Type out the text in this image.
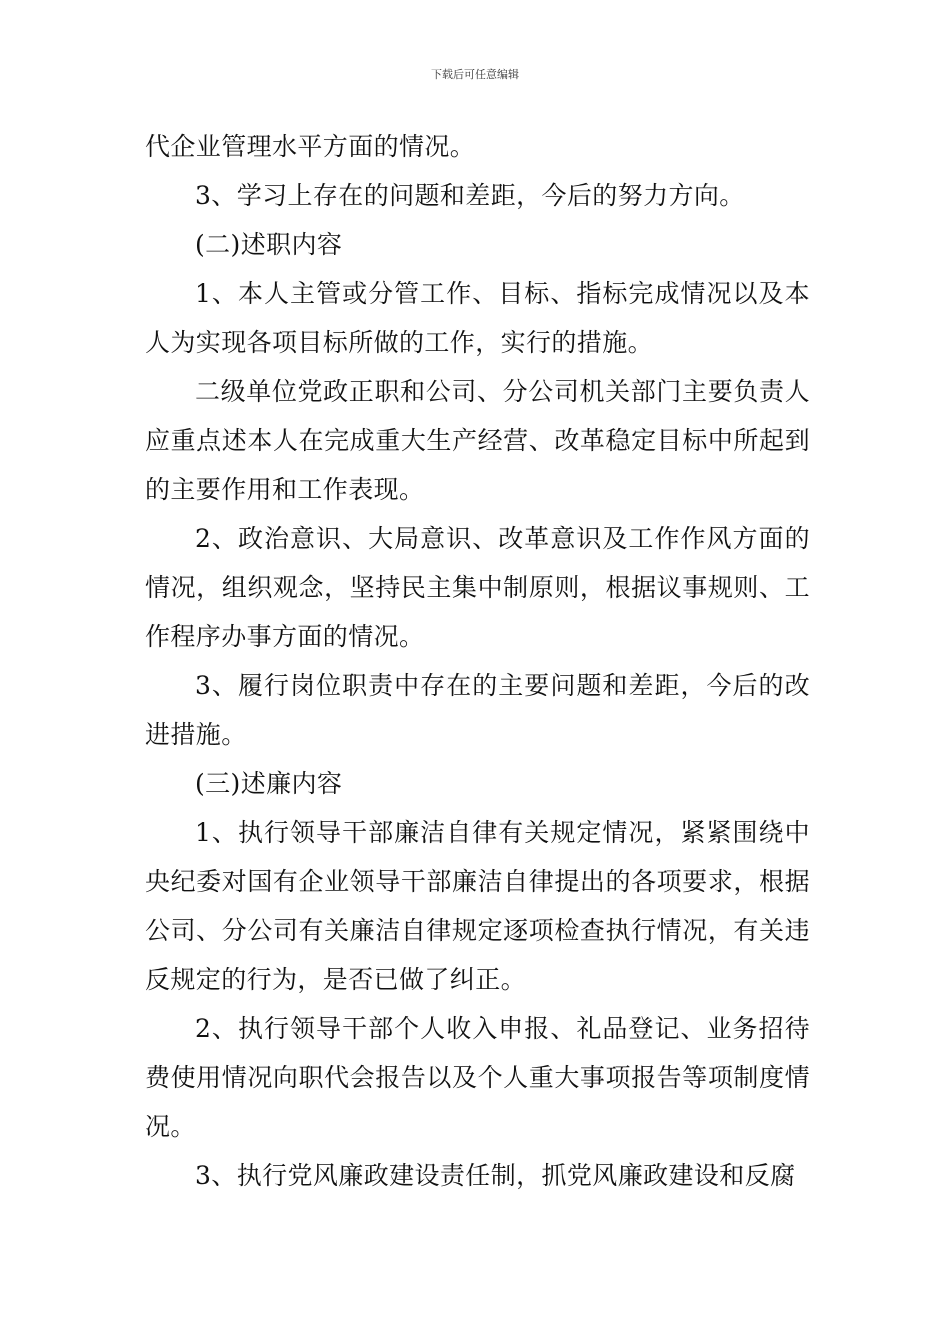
下载后可任意编辑

代企业管理水平方面的情况。

3、学习上存在的问题和差距，今后的努力方向。

(二)述职内容

1、本人主管或分管工作、目标、指标完成情况以及本人为实现各项目标所做的工作，实行的措施。

二级单位党政正职和公司、分公司机关部门主要负责人应重点述本人在完成重大生产经营、改革稳定目标中所起到的主要作用和工作表现。

2、政治意识、大局意识、改革意识及工作作风方面的情况，组织观念，坚持民主集中制原则，根据议事规则、工作程序办事方面的情况。

3、履行岗位职责中存在的主要问题和差距，今后的改进措施。

(三)述廉内容

1、执行领导干部廉洁自律有关规定情况，紧紧围绕中央纪委对国有企业领导干部廉洁自律提出的各项要求，根据公司、分公司有关廉洁自律规定逐项检查执行情况，有关违反规定的行为，是否已做了纠正。

2、执行领导干部个人收入申报、礼品登记、业务招待费使用情况向职代会报告以及个人重大事项报告等项制度情况。

3、执行党风廉政建设责任制，抓党风廉政建设和反腐
